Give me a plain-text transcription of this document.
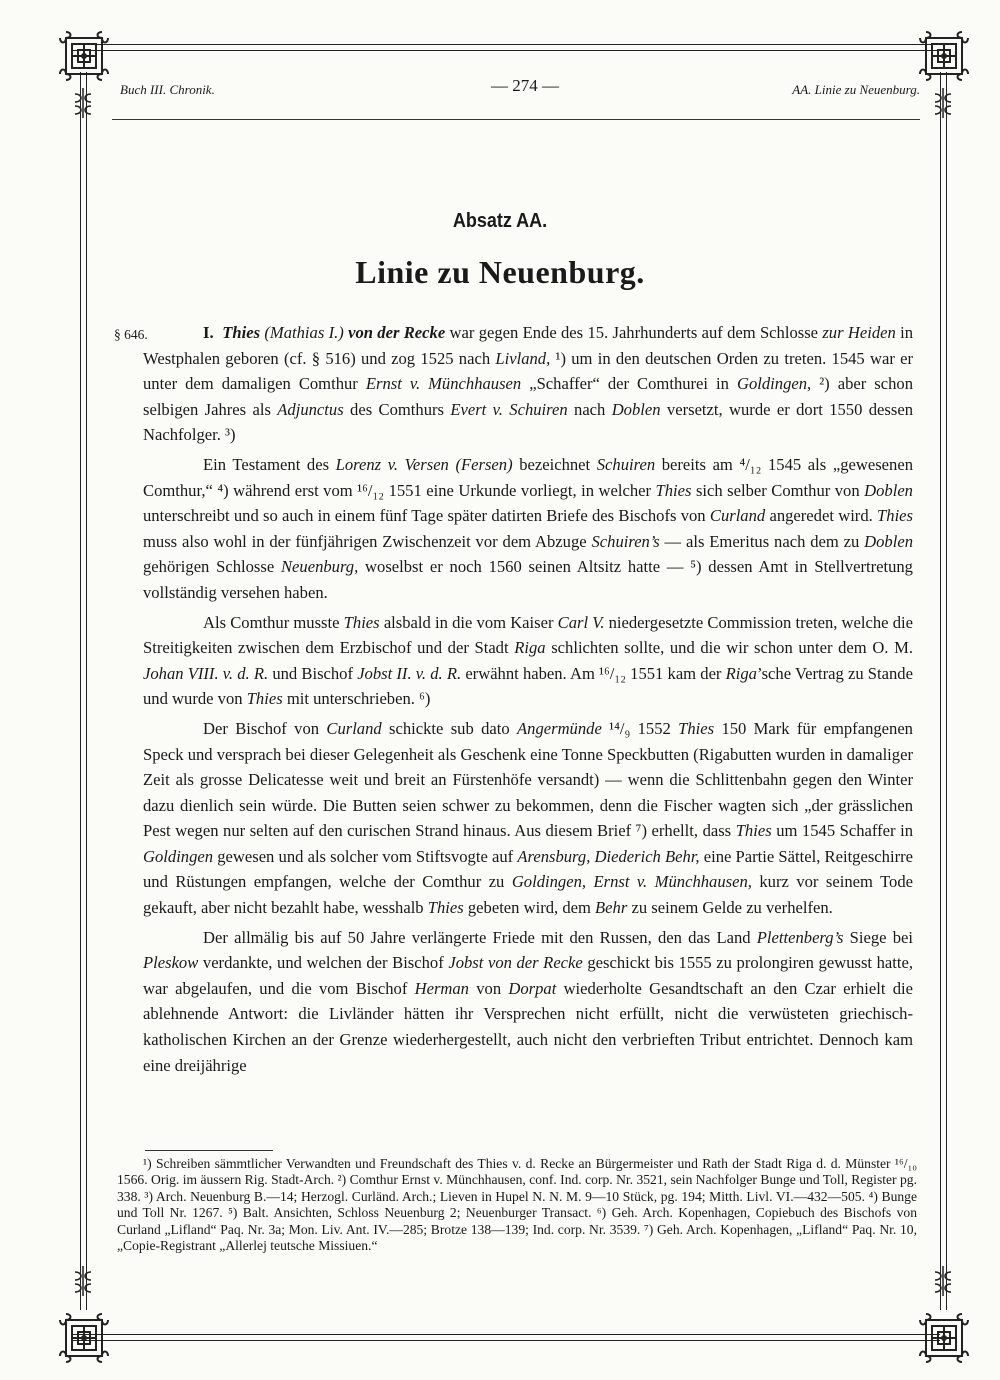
Buch III. Chronik.	— 274 —	AA. Linie zu Neuenburg.
Absatz AA.
Linie zu Neuenburg.
§ 646.	I. Thies (Mathias I.) von der Recke war gegen Ende des 15. Jahrhunderts auf dem Schlosse zur Heiden in Westphalen geboren (cf. § 516) und zog 1525 nach Livland, ¹) um in den deutschen Orden zu treten. 1545 war er unter dem damaligen Comthur Ernst v. Münchhausen „Schaffer“ der Comthurei in Goldingen, ²) aber schon selbigen Jahres als Adjunctus des Comthurs Evert v. Schuiren nach Doblen versetzt, wurde er dort 1550 dessen Nachfolger. ³)

Ein Testament des Lorenz v. Versen (Fersen) bezeichnet Schuiren bereits am ⁴/₁₂ 1545 als „gewesenen Comthur,“ ⁴) während erst vom ¹⁶/₁₂ 1551 eine Urkunde vorliegt, in welcher Thies sich selber Comthur von Doblen unterschreibt und so auch in einem fünf Tage später datirten Briefe des Bischofs von Curland angeredet wird. Thies muss also wohl in der fünfjährigen Zwischenzeit vor dem Abzuge Schuiren’s — als Emeritus nach dem zu Doblen gehörigen Schlosse Neuenburg, woselbst er noch 1560 seinen Altsitz hatte — ⁵) dessen Amt in Stellvertretung vollständig versehen haben.

Als Comthur musste Thies alsbald in die vom Kaiser Carl V. niedergesetzte Commission treten, welche die Streitigkeiten zwischen dem Erzbischof und der Stadt Riga schlichten sollte, und die wir schon unter dem O. M. Johan VIII. v. d. R. und Bischof Jobst II. v. d. R. erwähnt haben. Am ¹⁶/₁₂ 1551 kam der Riga’sche Vertrag zu Stande und wurde von Thies mit unterschrieben. ⁶)

Der Bischof von Curland schickte sub dato Angermünde ¹⁴/₉ 1552 Thies 150 Mark für empfangenen Speck und versprach bei dieser Gelegenheit als Geschenk eine Tonne Speckbutten (Rigabutten wurden in damaliger Zeit als grosse Delicatesse weit und breit an Fürstenhöfe versandt) — wenn die Schlittenbahn gegen den Winter dazu dienlich sein würde. Die Butten seien schwer zu bekommen, denn die Fischer wagten sich „der grässlichen Pest wegen nur selten auf den curischen Strand hinaus. Aus diesem Brief ⁷) erhellt, dass Thies um 1545 Schaffer in Goldingen gewesen und als solcher vom Stiftsvogte auf Arensburg, Diederich Behr, eine Partie Sättel, Reitgeschirre und Rüstungen empfangen, welche der Comthur zu Goldingen, Ernst v. Münchhausen, kurz vor seinem Tode gekauft, aber nicht bezahlt habe, wesshalb Thies gebeten wird, dem Behr zu seinem Gelde zu verhelfen.

Der allmälig bis auf 50 Jahre verlängerte Friede mit den Russen, den das Land Plettenberg’s Siege bei Pleskow verdankte, und welchen der Bischof Jobst von der Recke geschickt bis 1555 zu prolongiren gewusst hatte, war abgelaufen, und die vom Bischof Herman von Dorpat wiederholte Gesandtschaft an den Czar erhielt die ablehnende Antwort: die Livländer hätten ihr Versprechen nicht erfüllt, nicht die verwüsteten griechisch-katholischen Kirchen an der Grenze wiederhergestellt, auch nicht den verbrieften Tribut entrichtet. Dennoch kam eine dreijährige

¹) Schreiben sämmtlicher Verwandten und Freundschaft des Thies v. d. Recke an Bürgermeister und Rath der Stadt Riga d. d. Münster ¹⁶/₁₀ 1566. Orig. im äussern Rig. Stadt-Arch. ²) Comthur Ernst v. Münchhausen, conf. Ind. corp. Nr. 3521, sein Nachfolger Bunge und Toll, Register pg. 338. ³) Arch. Neuenburg B.—14; Herzogl. Curländ. Arch.; Lieven in Hupel N. N. M. 9—10 Stück, pg. 194; Mitth. Livl. VI.—432—505. ⁴) Bunge und Toll Nr. 1267. ⁵) Balt. Ansichten, Schloss Neuenburg 2; Neuenburger Transact. ⁶) Geh. Arch. Kopenhagen, Copiebuch des Bischofs von Curland „Lifland“ Paq. Nr. 3a; Mon. Liv. Ant. IV.—285; Brotze 138—139; Ind. corp. Nr. 3539. ⁷) Geh. Arch. Kopenhagen, „Lifland“ Paq. Nr. 10, „Copie-Registrant „Allerlej teutsche Missiuen.“
